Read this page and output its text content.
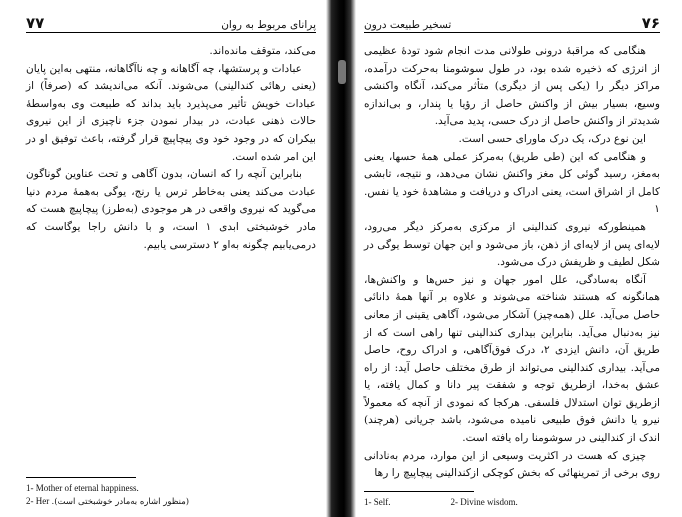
۷۷	پرانای مربوط به روان

می‌کند، متوقف مانده‌اند.

عبادات و پرستشها، چه آگاهانه و چه ناآگاهانه، منتهی به‌این پایان (یعنی رهائی کندالینی) می‌شوند. آنکه می‌اندیشد که (صرفاً) از عبادات خویش تأثیر می‌پذیرد باید بداند که طبیعت وی به‌واسطهٔ حالات ذهنی عبادت، در بیدار نمودن جزء ناچیزی از این نیروی بیکران که در وجود خود وی پیچاپیچ قرار گرفته، باعث توفیق او در این امر شده است.

بنابراین آنچه را که انسان، بدون آگاهی و تحت عناوین گوناگون عبادت می‌کند یعنی به‌خاطر ترس یا رنج، یوگی به‌همهٔ مردم دنیا می‌گوید که نیروی واقعی در هر موجودی (به‌طرز) پیچاپیچ هست که مادر خوشبختی ابدی ۱ است، و با دانش راجا یوگاست که درمی‌یابیم چگونه به‌او ۲ دسترسی یابیم.

1- Mother of eternal happiness.
2- Her (منظور اشاره به‌مادر خوشبختی است).
تسخیر طبیعت درون	۷۶

هنگامی که مراقبهٔ درونی طولانی مدت انجام شود تودهٔ عظیمی از انرژی که ذخیره شده بود، در طول سوشومنا به‌حرکت درآمده، مراکز دیگر را (یکی پس از دیگری) متأثر می‌کند، آنگاه واکنشی وسیع، بسیار بیش از واکنش حاصل از رؤیا یا پندار، و بی‌اندازه شدیدتر از واکنش حاصل از درک حسی، پدید می‌آید.

این نوع درک، یک درک ماورای حسی است.

و هنگامی که این (طی طریق) به‌مرکز عملی همهٔ حسها، یعنی به‌مغز، رسید گوئی کل مغز واکنش نشان می‌دهد، و نتیجه، تابشی کامل از اشراق است، یعنی ادراک و دریافت و مشاهدهٔ خود یا نفس. ۱

همینطورکه نیروی کندالینی از مرکزی به‌مرکز دیگر می‌رود، لایه‌ای پس از لایه‌ای از ذهن، باز می‌شود و این جهان توسط یوگی در شکل لطیف و ظریفش درک می‌شود.

آنگاه به‌سادگی، علل امور جهان و نیز حس‌ها و واکنش‌ها، همانگونه که هستند شناخته می‌شوند و علاوه بر آنها همهٔ دانائی حاصل می‌آید. علل (همه‌چیز) آشکار می‌شود، آگاهی یقینی از معانی نیز به‌دنبال می‌آید. بنابراین بیداری کندالینی تنها راهی است که از طریق آن، دانش ایزدی ۲، درک فوق‌آگاهی، و ادراک روح، حاصل می‌آید. بیداری کندالینی می‌تواند از طرق مختلف حاصل آید: از راه عشق به‌خدا، ازطریق توجه و شفقت پیر دانا و کمال یافته، یا ازطریق توان استدلال فلسفی. هرکجا که نمودی از آنچه که معمولاً نیرو یا دانش فوق طبیعی نامیده می‌شود، باشد جریانی (هرچند) اندک از کندالینی در سوشومنا راه یافته است.

چیزی که هست در اکثریت وسیعی از این موارد، مردم به‌نادانی روی برخی از تمرینهائی که بخش کوچکی ازکندالینی پیچاپیچ را رها

1- Self.	2- Divine wisdom.
